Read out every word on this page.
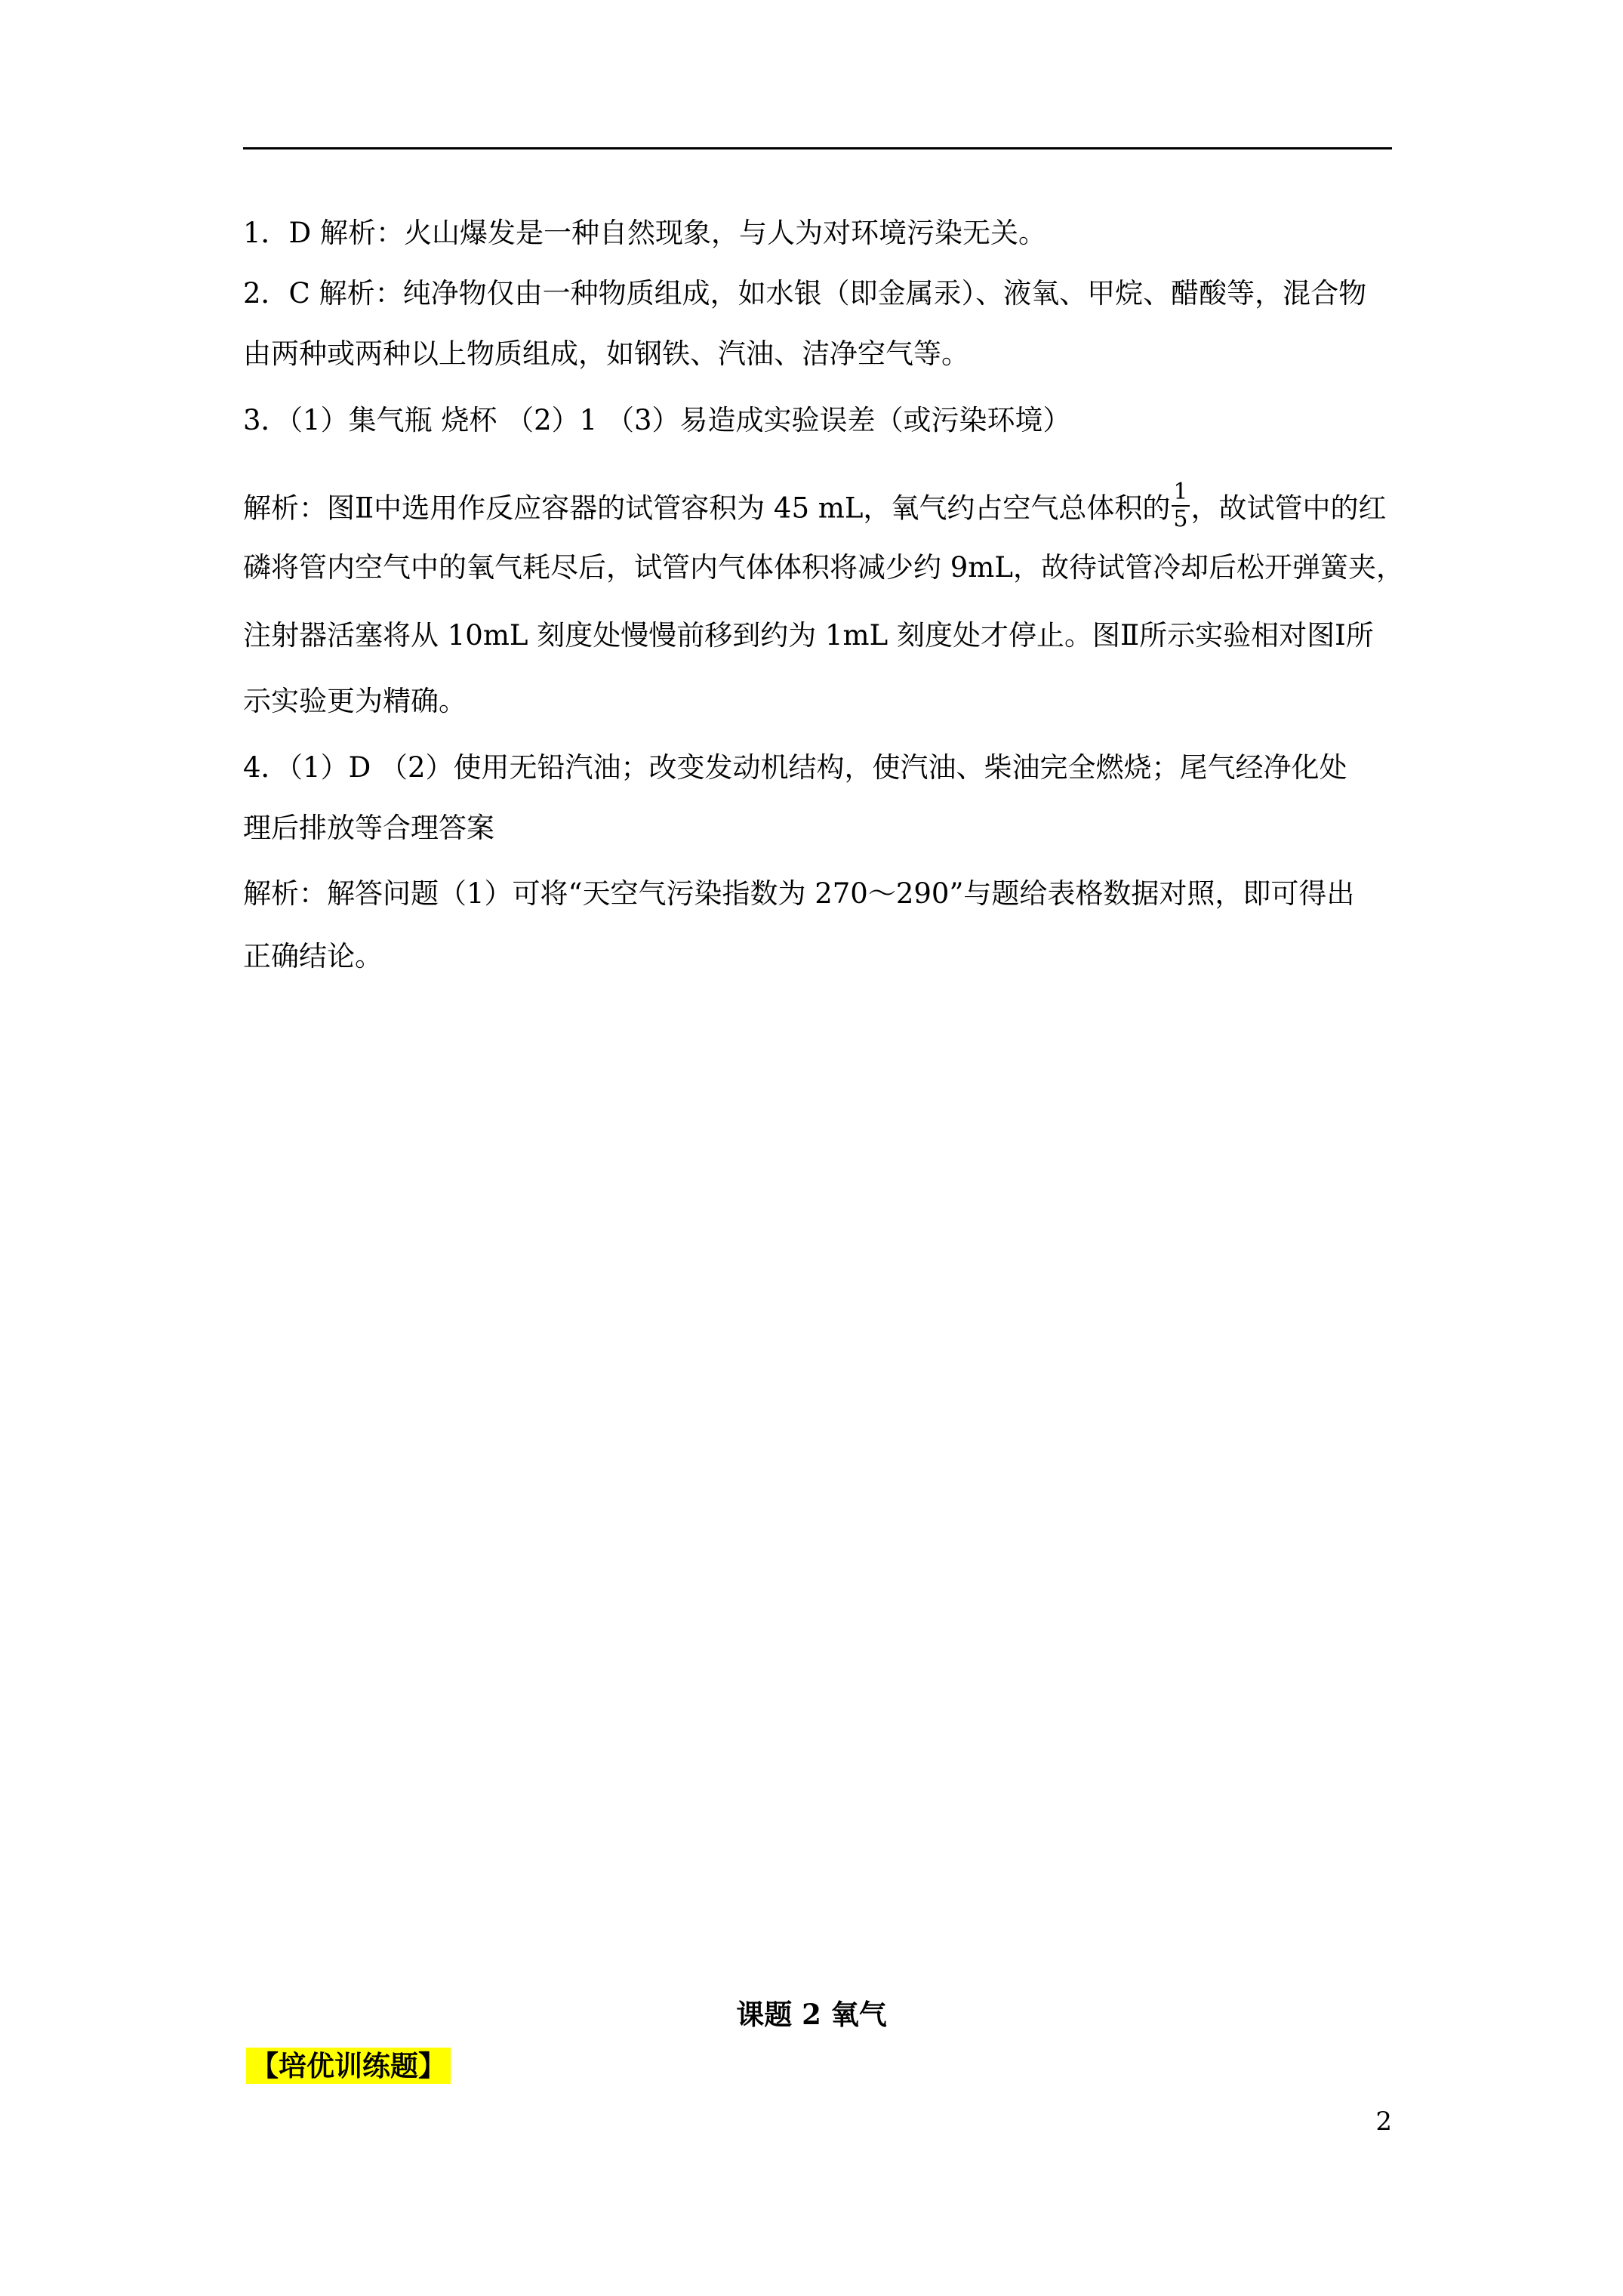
1．D 解析：火山爆发是一种自然现象，与人为对环境污染无关。

2．C 解析：纯净物仅由一种物质组成，如水银（即金属汞）、液氧、甲烷、醋酸等，混合物

由两种或两种以上物质组成，如钢铁、汽油、洁净空气等。

3．（1）集气瓶 烧杯 （2）1 （3）易造成实验误差（或污染环境）

解析：图Ⅱ中选用作反应容器的试管容积为 45 mL，氧气约占空气总体积的 $\frac{1}{5}$ ，故试管中的红

磷将管内空气中的氧气耗尽后，试管内气体体积将减少约 9mL，故待试管冷却后松开弹簧夹，

注射器活塞将从 10mL 刻度处慢慢前移到约为 1mL 刻度处才停止。图Ⅱ所示实验相对图Ⅰ所

示实验更为精确。

4．（1）D （2）使用无铅汽油；改变发动机结构，使汽油、柴油完全燃烧；尾气经净化处

理后排放等合理答案

解析：解答问题（1）可将“天空气污染指数为 270～290”与题给表格数据对照，即可得出

正确结论。

课题 2 氧气

【培优训练题】
2
